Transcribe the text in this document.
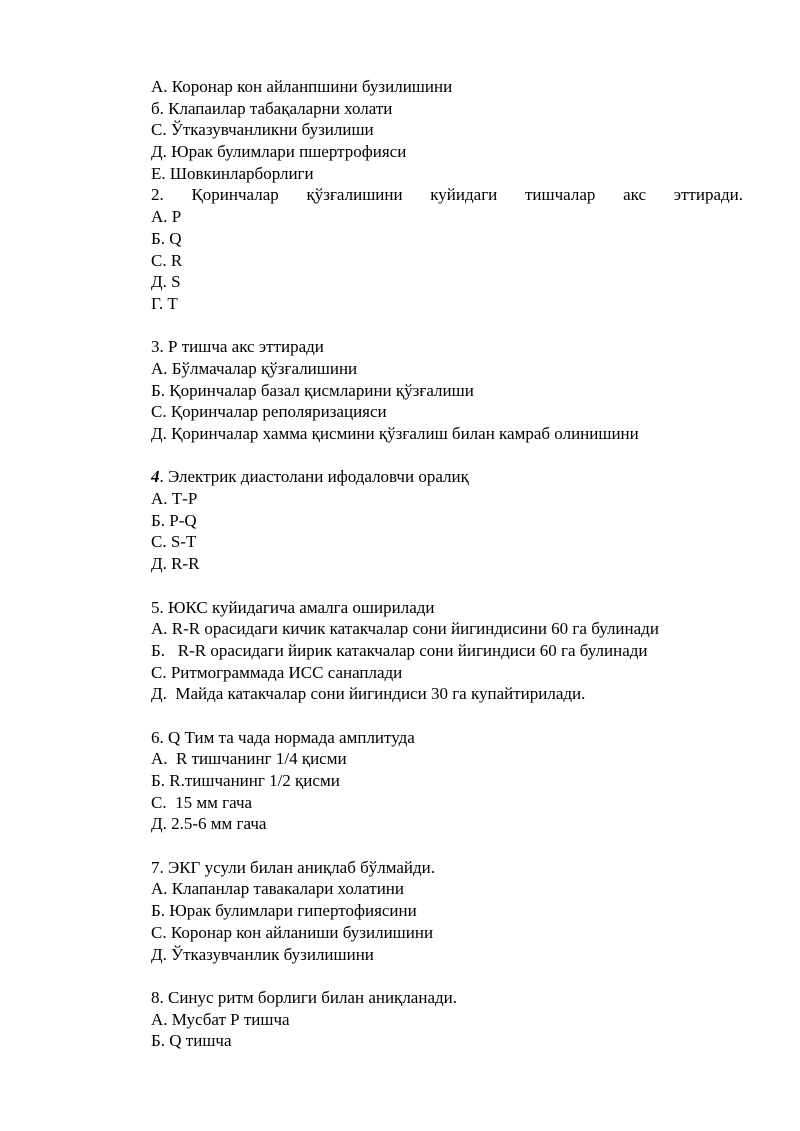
А. Коронар кон айланпшини бузилишини
б. Клапаилар табақаларни холати
С. Ўтказувчанликни бузилиши
Д. Юрак булимлари пшертрофияси
Е. Шовкинларборлиги
2. Қоринчалар қўзғалишини куйидаги тишчалар акс эттиради.
А. Р
Б. Q
С. R
Д. S
Г. Т
3. Р тишча акс эттиради
А. Бўлмачалар қўзғалишини
Б. Қоринчалар базал қисмларини қўзғалиши
С. Қоринчалар реполяризацияси
Д. Қоринчалар хамма қисмини қўзғалиш билан камраб олинишини
4. Электрик диастолани ифодаловчи оралиқ
А. Т-Р
Б. Р-Q
С. S-Т
Д. R-R
5. ЮКС куйидагича амалга оширилади
А. R-R орасидаги кичик катакчалар сони йигиндисини 60 га булинади
Б.   R-R орасидаги йирик катакчалар сони йигиндиси 60 га булинади
С. Ритмограммада ИСС санаплади
Д.  Майда катакчалар сони йигиндиси 30 га купайтирилади.
6. Q Тим та чада нормада амплитуда
А.  R тишчанинг 1/4 қисми
Б. R.тишчанинг 1/2 қисми
С.  15 мм гача
Д. 2.5-6 мм гача
7. ЭКГ усули билан аниқлаб бўлмайди.
А. Клапанлар тавакалари холатини
Б. Юрак булимлари гипертофиясини
С. Коронар кон айланиши бузилишини
Д. Ўтказувчанлик бузилишини
8. Синус ритм борлиги билан аниқланади.
А. Мусбат Р тишча
Б. Q тишча
